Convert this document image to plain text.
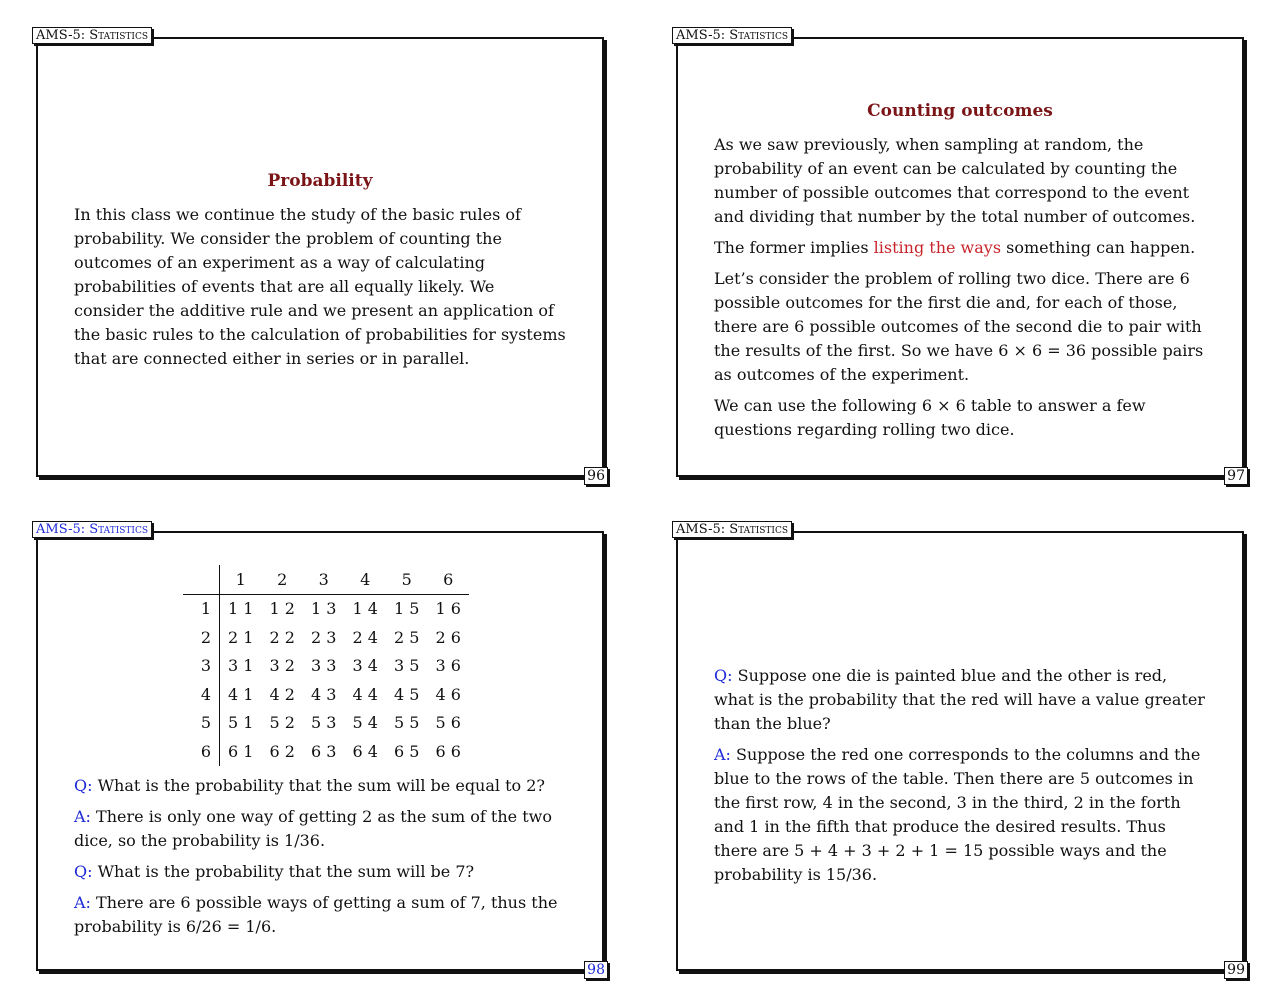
AMS-5: Statistics
Probability

In this class we continue the study of the basic rules of probability. We consider the problem of counting the outcomes of an experiment as a way of calculating probabilities of events that are all equally likely. We consider the additive rule and we present an application of the basic rules to the calculation of probabilities for systems that are connected either in series or in parallel.

96
AMS-5: Statistics
Counting outcomes

As we saw previously, when sampling at random, the probability of an event can be calculated by counting the number of possible outcomes that correspond to the event and dividing that number by the total number of outcomes.

The former implies listing the ways something can happen.

Let’s consider the problem of rolling two dice. There are 6 possible outcomes for the first die and, for each of those, there are 6 possible outcomes of the second die to pair with the results of the first. So we have 6 × 6 = 36 possible pairs as outcomes of the experiment.

We can use the following 6 × 6 table to answer a few questions regarding rolling two dice.

97
AMS-5: Statistics
	1	2	3	4	5	6
1	1 1	1 2	1 3	1 4	1 5	1 6
2	2 1	2 2	2 3	2 4	2 5	2 6
3	3 1	3 2	3 3	3 4	3 5	3 6
4	4 1	4 2	4 3	4 4	4 5	4 6
5	5 1	5 2	5 3	5 4	5 5	5 6
6	6 1	6 2	6 3	6 4	6 5	6 6

Q: What is the probability that the sum will be equal to 2?

A: There is only one way of getting 2 as the sum of the two dice, so the probability is 1/36.

Q: What is the probability that the sum will be 7?

A: There are 6 possible ways of getting a sum of 7, thus the probability is 6/26 = 1/6.

98
AMS-5: Statistics

Q: Suppose one die is painted blue and the other is red, what is the probability that the red will have a value greater than the blue?

A: Suppose the red one corresponds to the columns and the blue to the rows of the table. Then there are 5 outcomes in the first row, 4 in the second, 3 in the third, 2 in the forth and 1 in the fifth that produce the desired results. Thus there are 5 + 4 + 3 + 2 + 1 = 15 possible ways and the probability is 15/36.

99
